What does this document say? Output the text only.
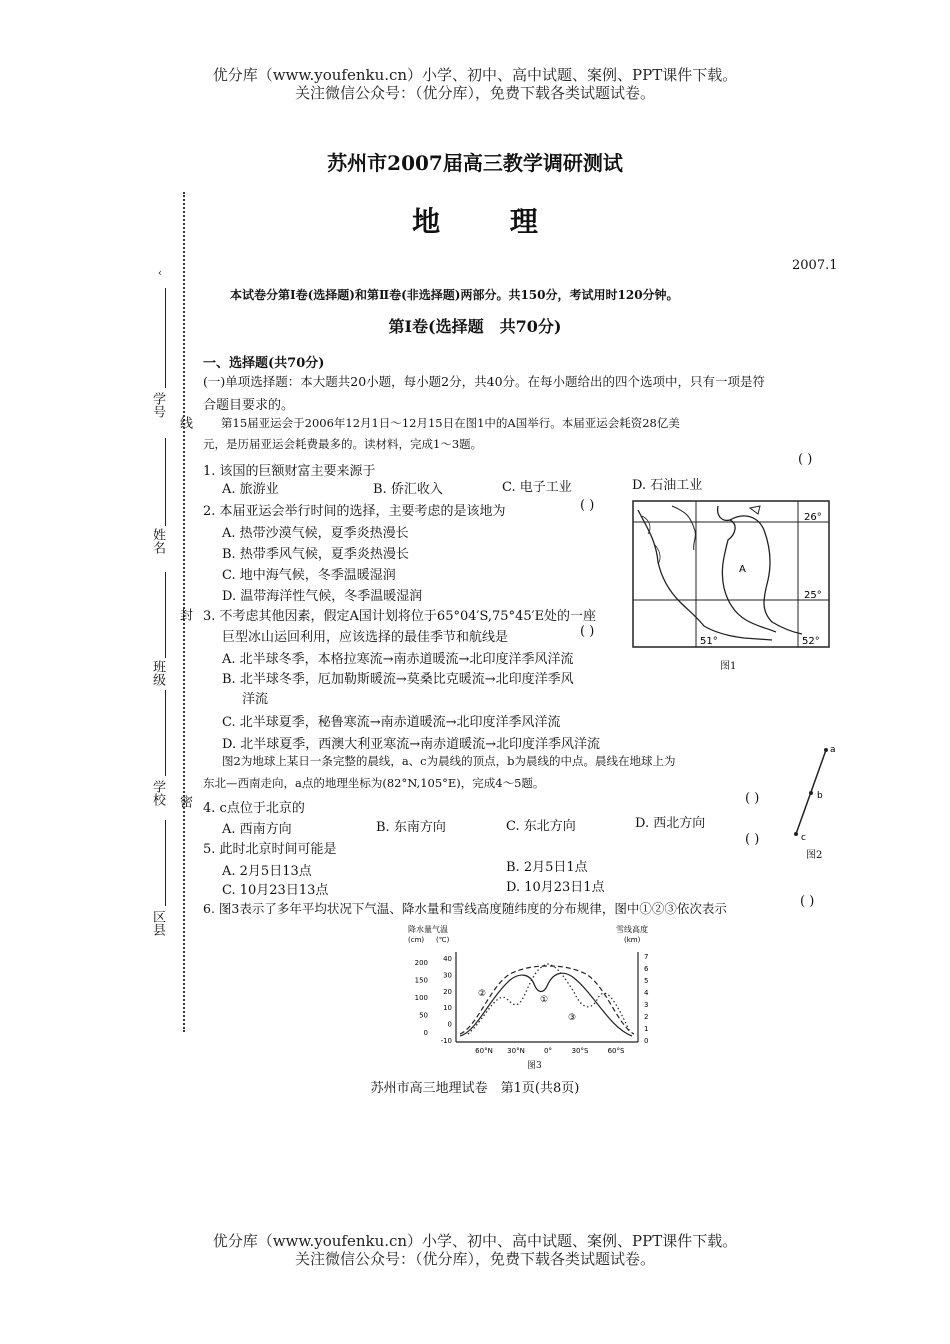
优分库（www.youfenku.cn）小学、初中、高中试题、案例、PPT课件下载。
关注微信公众号：（优分库），免费下载各类试题试卷。
苏州市2007届高三教学调研测试
地 理
2007.1
本试卷分第Ⅰ卷(选择题)和第Ⅱ卷(非选择题)两部分。共150分，考试用时120分钟。
第Ⅰ卷(选择题　共70分)
‹
学号
线
姓名
封
班级
学校 密
区县
一、选择题(共70分)
(一)单项选择题：本大题共20小题，每小题2分，共40分。在每小题给出的四个选项中，只有一项是符
合题目要求的。
第15届亚运会于2006年12月1日～12月15日在图1中的A国举行。本届亚运会耗资28亿美
元，是历届亚运会耗费最多的。读材料，完成1～3题。
1. 该国的巨额财富主要来源于
( )
A. 旅游业	B. 侨汇收入	C. 电子工业	D. 石油工业
2. 本届亚运会举行时间的选择，主要考虑的是该地为	( )
A. 热带沙漠气候，夏季炎热漫长
B. 热带季风气候，夏季炎热漫长
C. 地中海气候，冬季温暖湿润
D. 温带海洋性气候，冬季温暖湿润
3. 不考虑其他因素，假定A国计划将位于65°04′S,75°45′E处的一座
巨型冰山运回利用，应该选择的最佳季节和航线是	( )
A. 北半球冬季，本格拉寒流→南赤道暖流→北印度洋季风洋流
B. 北半球冬季，厄加勒斯暖流→莫桑比克暖流→北印度洋季风
洋流
C. 北半球夏季，秘鲁寒流→南赤道暖流→北印度洋季风洋流
D. 北半球夏季，西澳大利亚寒流→南赤道暖流→北印度洋季风洋流
A
26°
25°
51°	52°
图1
图2为地球上某日一条完整的晨线，a、c为晨线的顶点，b为晨线的中点。晨线在地球上为
东北—西南走向，a点的地理坐标为(82°N,105°E)，完成4～5题。
4. c点位于北京的
( )
A. 西南方向	B. 东南方向	C. 东北方向	D. 西北方向
a
b
c
图2
5. 此时北京时间可能是
( )
A. 2月5日13点	B. 2月5日1点
C. 10月23日13点	D. 10月23日1点
6. 图3表示了多年平均状况下气温、降水量和雪线高度随纬度的分布规律，图中①②③依次表示	( )
降水量
(cm)
气温
(℃)
雪线高度
(km)
200
150
100
50
0
40
30
20
10
0
-10
7
6
5
4
3
2
1
0
60°N 30°N	0°	30°S	60°S
②
①
③
图3
苏州市高三地理试卷　第1页(共8页)
优分库（www.youfenku.cn）小学、初中、高中试题、案例、PPT课件下载。
关注微信公众号：（优分库），免费下载各类试题试卷。
